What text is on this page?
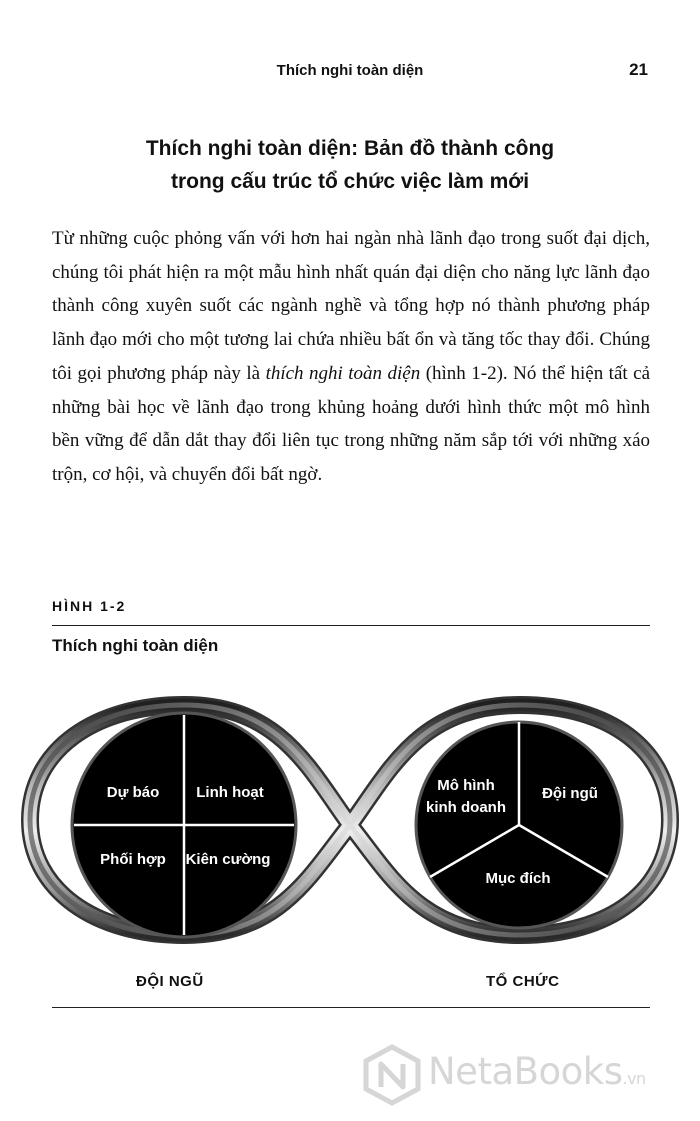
Thích nghi toàn diện	21
Thích nghi toàn diện: Bản đồ thành công
trong cấu trúc tổ chức việc làm mới

Từ những cuộc phỏng vấn với hơn hai ngàn nhà lãnh đạo trong suốt đại dịch, chúng tôi phát hiện ra một mẫu hình nhất quán đại diện cho năng lực lãnh đạo thành công xuyên suốt các ngành nghề và tổng hợp nó thành phương pháp lãnh đạo mới cho một tương lai chứa nhiều bất ổn và tăng tốc thay đổi. Chúng tôi gọi phương pháp này là thích nghi toàn diện (hình 1-2). Nó thể hiện tất cả những bài học về lãnh đạo trong khủng hoảng dưới hình thức một mô hình bền vững để dẫn dắt thay đổi liên tục trong những năm sắp tới với những xáo trộn, cơ hội, và chuyển đổi bất ngờ.

HÌNH 1-2
Thích nghi toàn diện
Dự báo Linh hoạt
Phối hợp Kiên cường
Mô hình
kinh doanh
Đội ngũ
Mục đích
ĐỘI NGŨ	TỔ CHỨC
NetaBooks.vn
